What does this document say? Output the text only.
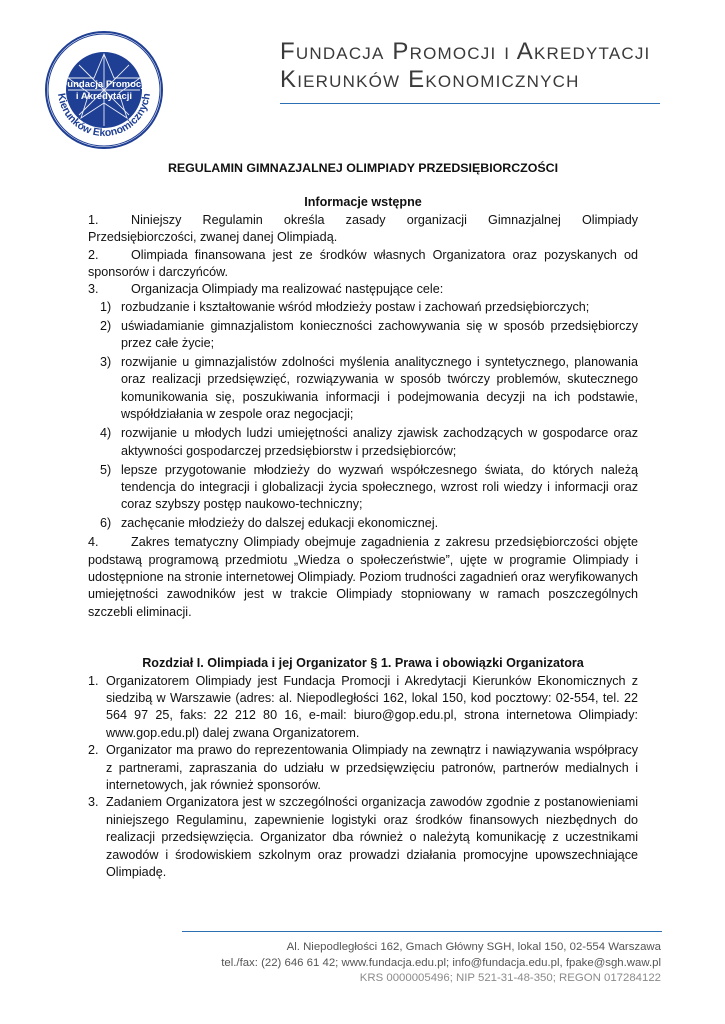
Fundacja Promocji
i Akredytacji
Kierunków Ekonomicznych
Fundacja Promocji i Akredytacji
Kierunków Ekonomicznych

REGULAMIN GIMNAZJALNEJ OLIMPIADY PRZEDSIĘBIORCZOŚCI

Informacje wstępne

1.	Niniejszy Regulamin określa zasady organizacji Gimnazjalnej Olimpiady Przedsiębiorczości, zwanej danej Olimpiadą.

2.	Olimpiada finansowana jest ze środków własnych Organizatora oraz pozyskanych od sponsorów i darczyńców.

3.	Organizacja Olimpiady ma realizować następujące cele:

1) rozbudzanie i kształtowanie wśród młodzieży postaw i zachowań przedsiębiorczych;
2) uświadamianie gimnazjalistom konieczności zachowywania się w sposób przedsiębiorczy przez całe życie;
3) rozwijanie u gimnazjalistów zdolności myślenia analitycznego i syntetycznego, planowania oraz realizacji przedsięwzięć, rozwiązywania w sposób twórczy problemów, skutecznego komunikowania się, poszukiwania informacji i podejmowania decyzji na ich podstawie, współdziałania w zespole oraz negocjacji;
4) rozwijanie u młodych ludzi umiejętności analizy zjawisk zachodzących w gospodarce oraz aktywności gospodarczej przedsiębiorstw i przedsiębiorców;
5) lepsze przygotowanie młodzieży do wyzwań współczesnego świata, do których należą tendencja do integracji i globalizacji życia społecznego, wzrost roli wiedzy i informacji oraz coraz szybszy postęp naukowo-techniczny;
6) zachęcanie młodzieży do dalszej edukacji ekonomicznej.

4.	Zakres tematyczny Olimpiady obejmuje zagadnienia z zakresu przedsiębiorczości objęte podstawą programową przedmiotu „Wiedza o społeczeństwie”, ujęte w programie Olimpiady i udostępnione na stronie internetowej Olimpiady. Poziom trudności zagadnień oraz weryfikowanych umiejętności zawodników jest w trakcie Olimpiady stopniowany w ramach poszczególnych szczebli eliminacji.

Rozdział I. Olimpiada i jej Organizator § 1. Prawa i obowiązki Organizatora

1. Organizatorem Olimpiady jest Fundacja Promocji i Akredytacji Kierunków Ekonomicznych z siedzibą w Warszawie (adres: al. Niepodległości 162, lokal 150, kod pocztowy: 02-554, tel. 22 564 97 25, faks: 22 212 80 16, e-mail: biuro@gop.edu.pl, strona internetowa Olimpiady: www.gop.edu.pl) dalej zwana Organizatorem.
2. Organizator ma prawo do reprezentowania Olimpiady na zewnątrz i nawiązywania współpracy z partnerami, zapraszania do udziału w przedsięwzięciu patronów, partnerów medialnych i internetowych, jak również sponsorów.
3. Zadaniem Organizatora jest w szczególności organizacja zawodów zgodnie z postanowieniami niniejszego Regulaminu, zapewnienie logistyki oraz środków finansowych niezbędnych do realizacji przedsięwzięcia. Organizator dba również o należytą komunikację z uczestnikami zawodów i środowiskiem szkolnym oraz prowadzi działania promocyjne upowszechniające Olimpiadę.
Al. Niepodległości 162, Gmach Główny SGH, lokal 150, 02-554 Warszawa
tel./fax: (22) 646 61 42; www.fundacja.edu.pl; info@fundacja.edu.pl, fpake@sgh.waw.pl
KRS 0000005496; NIP 521-31-48-350; REGON 017284122
